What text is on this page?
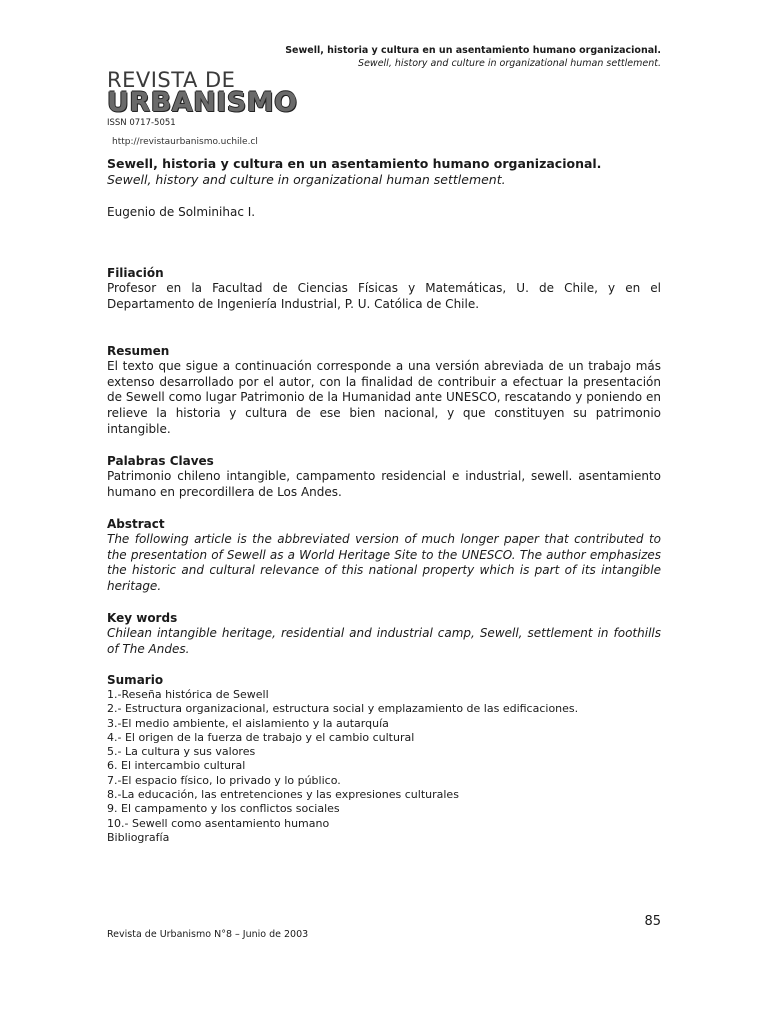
Sewell, historia y cultura en un asentamiento humano organizacional.
Sewell, history and culture in organizational human settlement.
REVISTA DE
URBANISMO
ISSN 0717-5051
http://revistaurbanismo.uchile.cl
Sewell, historia y cultura en un asentamiento humano organizacional.
Sewell, history and culture in organizational human settlement.
Eugenio de Solminihac I.
Filiación

Profesor en la Facultad de Ciencias Físicas y Matemáticas, U. de Chile, y en el Departamento de Ingeniería Industrial, P. U. Católica de Chile.

Resumen

El texto que sigue a continuación corresponde a una versión abreviada de un trabajo más extenso desarrollado por el autor, con la finalidad de contribuir a efectuar la presentación de Sewell como lugar Patrimonio de la Humanidad ante UNESCO, rescatando y poniendo en relieve la historia y cultura de ese bien nacional, y que constituyen su patrimonio intangible.

Palabras Claves

Patrimonio chileno intangible, campamento residencial e industrial, sewell. asentamiento humano en precordillera de Los Andes.

Abstract

The following article is the abbreviated version of much longer paper that contributed to the presentation of Sewell as a World Heritage Site to the UNESCO. The author emphasizes the historic and cultural relevance of this national property which is part of its intangible heritage.

Key words

Chilean intangible heritage, residential and industrial camp, Sewell, settlement in foothills of The Andes.

Sumario
1.-Reseña histórica de Sewell
2.- Estructura organizacional, estructura social y emplazamiento de las edificaciones.
3.-El medio ambiente, el aislamiento y la autarquía
4.- El origen de la fuerza de trabajo y el cambio cultural
5.- La cultura y sus valores
6. El intercambio cultural
7.-El espacio físico, lo privado y lo público.
8.-La educación, las entretenciones y las expresiones culturales
9. El campamento y los conflictos sociales
10.- Sewell como asentamiento humano
Bibliografía
85
Revista de Urbanismo N°8 – Junio de 2003
